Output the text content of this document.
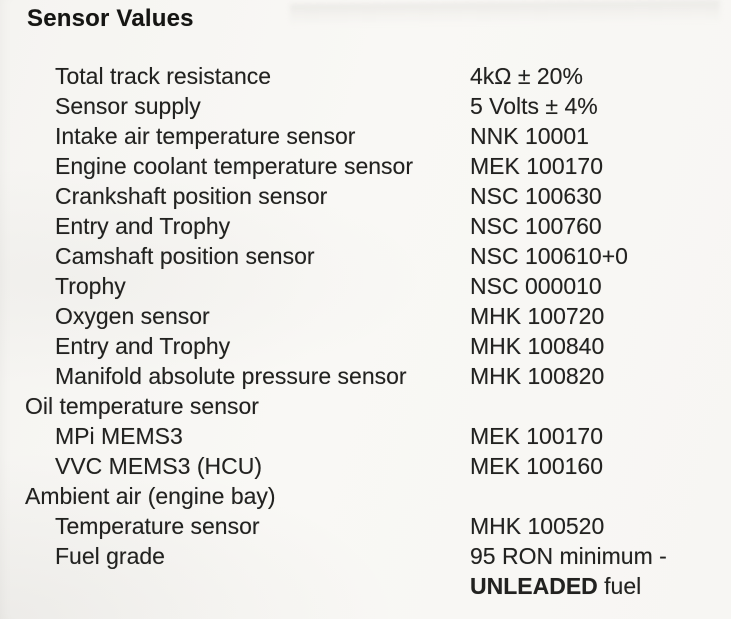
Sensor Values
Total track resistance	4kΩ ± 20%
Sensor supply	5 Volts ± 4%
Intake air temperature sensor	NNK 10001
Engine coolant temperature sensor	MEK 100170
Crankshaft position sensor	NSC 100630
Entry and Trophy	NSC 100760
Camshaft position sensor	NSC 100610+0
Trophy	NSC 000010
Oxygen sensor	MHK 100720
Entry and Trophy	MHK 100840
Manifold absolute pressure sensor	MHK 100820
Oil temperature sensor
MPi MEMS3	MEK 100170
VVC MEMS3 (HCU)	MEK 100160
Ambient air (engine bay)
Temperature sensor	MHK 100520
Fuel grade	95 RON minimum -
UNLEADED fuel
